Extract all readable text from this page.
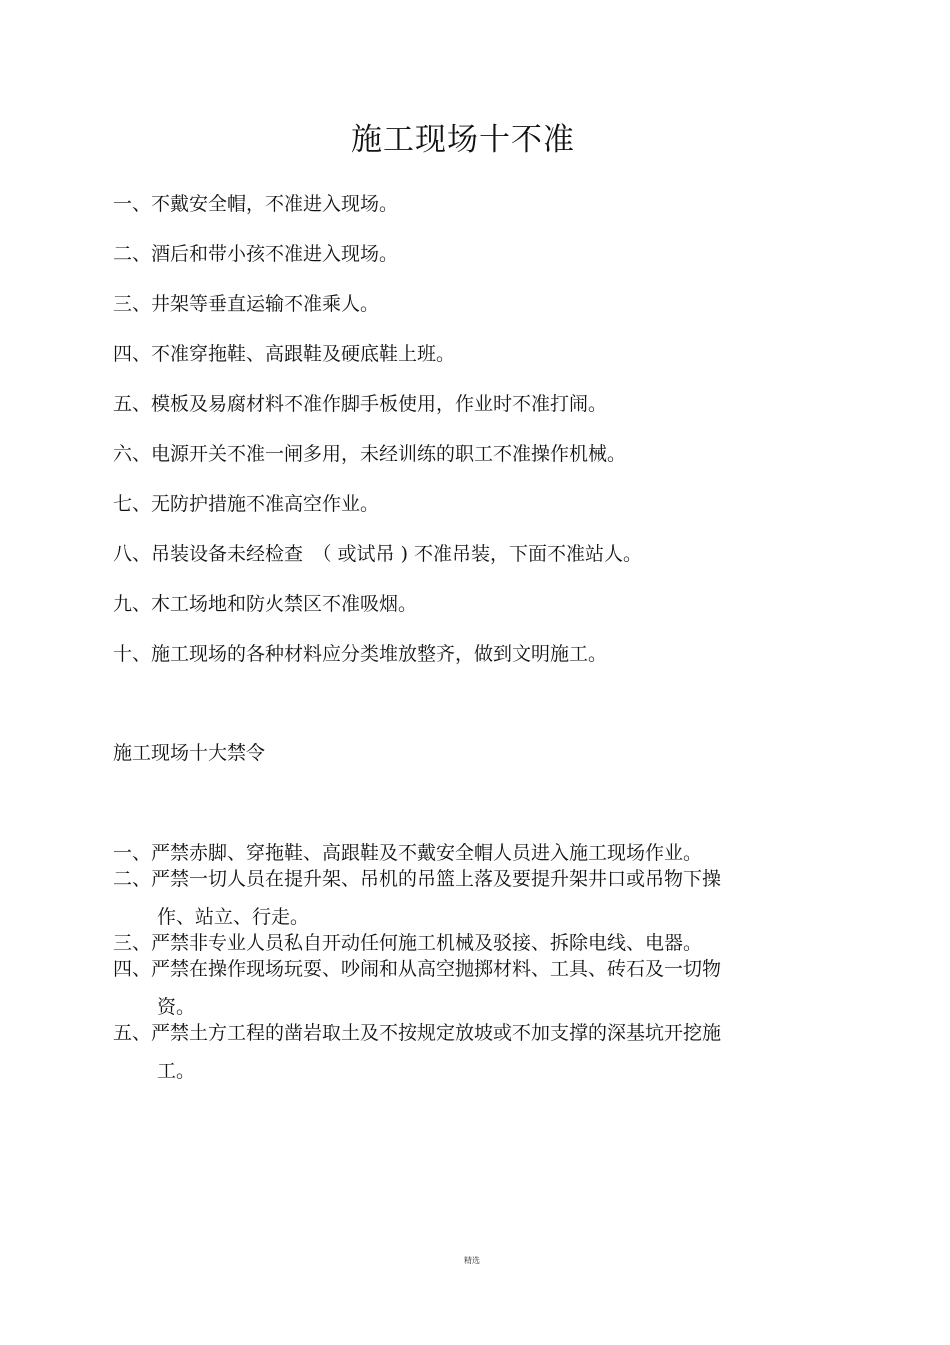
施工现场十不准
一、不戴安全帽，不准进入现场。
二、酒后和带小孩不准进入现场。
三、井架等垂直运输不准乘人。
四、不准穿拖鞋、高跟鞋及硬底鞋上班。
五、模板及易腐材料不准作脚手板使用，作业时不准打闹。
六、电源开关不准一闸多用，未经训练的职工不准操作机械。
七、无防护措施不准高空作业。
八、吊装设备未经检查　（ 或试吊 ) 不准吊装，下面不准站人。
九、木工场地和防火禁区不准吸烟。
十、施工现场的各种材料应分类堆放整齐，做到文明施工。
施工现场十大禁令
一、严禁赤脚、穿拖鞋、高跟鞋及不戴安全帽人员进入施工现场作业。
二、严禁一切人员在提升架、吊机的吊篮上落及要提升架井口或吊物下操
作、站立、行走。
三、严禁非专业人员私自开动任何施工机械及驳接、拆除电线、电器。
四、严禁在操作现场玩耍、吵闹和从高空抛掷材料、工具、砖石及一切物
资。
五、严禁土方工程的凿岩取土及不按规定放坡或不加支撑的深基坑开挖施
工。
精选
